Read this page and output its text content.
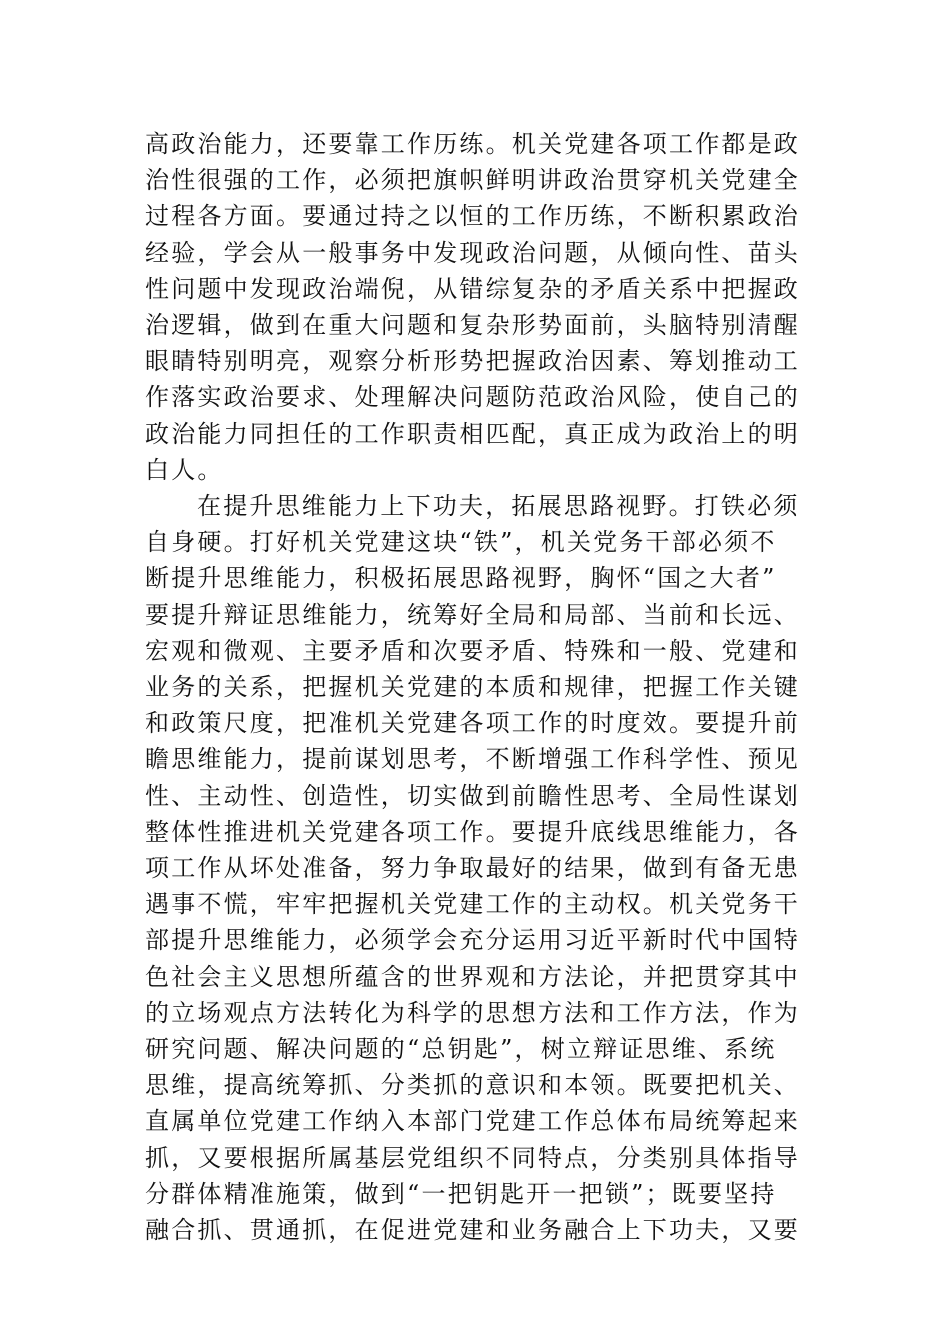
高政治能力，还要靠工作历练。机关党建各项工作都是政
治性很强的工作，必须把旗帜鲜明讲政治贯穿机关党建全
过程各方面。要通过持之以恒的工作历练，不断积累政治
经验，学会从一般事务中发现政治问题，从倾向性、苗头
性问题中发现政治端倪，从错综复杂的矛盾关系中把握政
治逻辑，做到在重大问题和复杂形势面前，头脑特别清醒
眼睛特别明亮，观察分析形势把握政治因素、筹划推动工
作落实政治要求、处理解决问题防范政治风险，使自己的
政治能力同担任的工作职责相匹配，真正成为政治上的明
白人。
在提升思维能力上下功夫，拓展思路视野。打铁必须
自身硬。打好机关党建这块“铁”，机关党务干部必须不
断提升思维能力，积极拓展思路视野，胸怀“国之大者”
要提升辩证思维能力，统筹好全局和局部、当前和长远、
宏观和微观、主要矛盾和次要矛盾、特殊和一般、党建和
业务的关系，把握机关党建的本质和规律，把握工作关键
和政策尺度，把准机关党建各项工作的时度效。要提升前
瞻思维能力，提前谋划思考，不断增强工作科学性、预见
性、主动性、创造性，切实做到前瞻性思考、全局性谋划
整体性推进机关党建各项工作。要提升底线思维能力，各
项工作从坏处准备，努力争取最好的结果，做到有备无患
遇事不慌，牢牢把握机关党建工作的主动权。机关党务干
部提升思维能力，必须学会充分运用习近平新时代中国特
色社会主义思想所蕴含的世界观和方法论，并把贯穿其中
的立场观点方法转化为科学的思想方法和工作方法，作为
研究问题、解决问题的“总钥匙”，树立辩证思维、系统
思维，提高统筹抓、分类抓的意识和本领。既要把机关、
直属单位党建工作纳入本部门党建工作总体布局统筹起来
抓，又要根据所属基层党组织不同特点，分类别具体指导
分群体精准施策，做到“一把钥匙开一把锁”；既要坚持
融合抓、贯通抓，在促进党建和业务融合上下功夫，又要
